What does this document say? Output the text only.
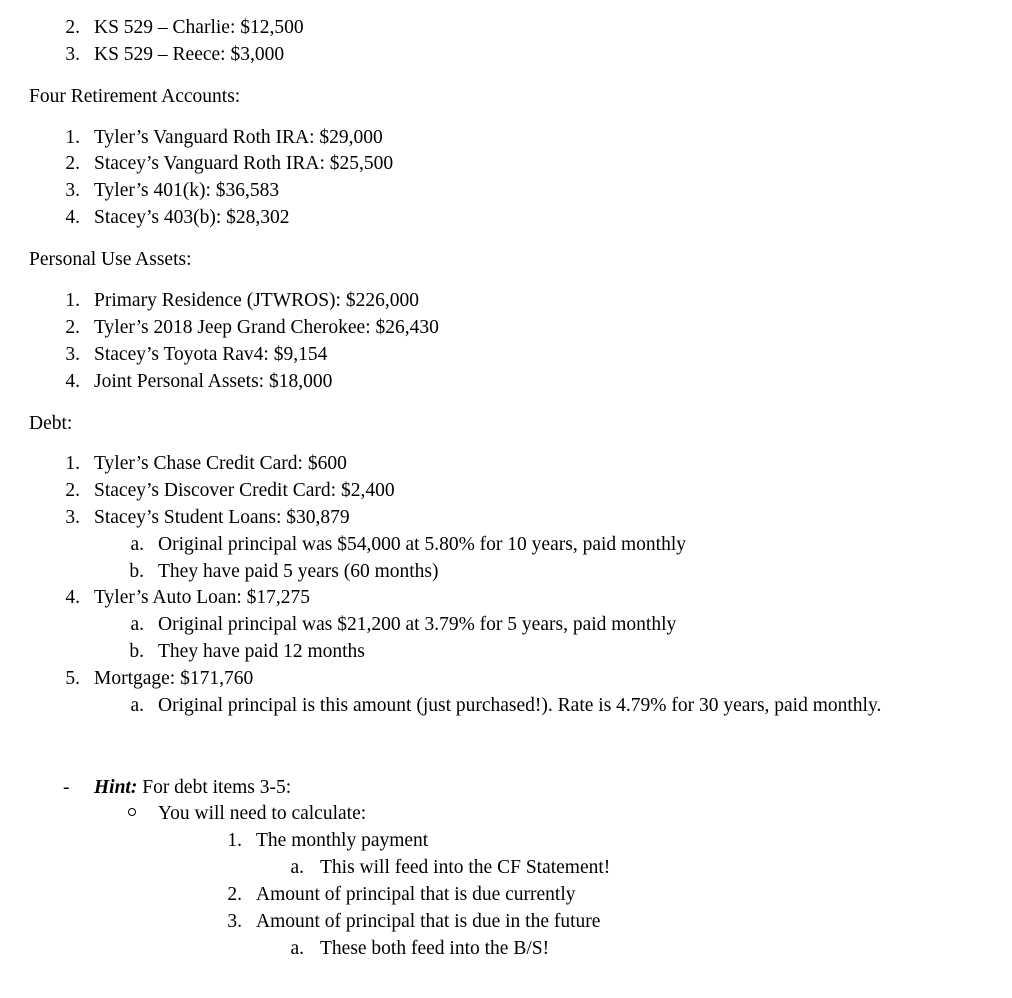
2. KS 529 – Charlie: $12,500
3. KS 529 – Reece: $3,000
Four Retirement Accounts:
1. Tyler’s Vanguard Roth IRA: $29,000
2. Stacey’s Vanguard Roth IRA: $25,500
3. Tyler’s 401(k): $36,583
4. Stacey’s 403(b): $28,302
Personal Use Assets:
1. Primary Residence (JTWROS): $226,000
2. Tyler’s 2018 Jeep Grand Cherokee: $26,430
3. Stacey’s Toyota Rav4: $9,154
4. Joint Personal Assets: $18,000
Debt:
1. Tyler’s Chase Credit Card: $600
2. Stacey’s Discover Credit Card: $2,400
3. Stacey’s Student Loans: $30,879
a. Original principal was $54,000 at 5.80% for 10 years, paid monthly
b. They have paid 5 years (60 months)
4. Tyler’s Auto Loan: $17,275
a. Original principal was $21,200 at 3.79% for 5 years, paid monthly
b. They have paid 12 months
5. Mortgage: $171,760
a. Original principal is this amount (just purchased!). Rate is 4.79% for 30 years, paid monthly.
- Hint: For debt items 3-5:
You will need to calculate:
1. The monthly payment
a. This will feed into the CF Statement!
2. Amount of principal that is due currently
3. Amount of principal that is due in the future
a. These both feed into the B/S!
